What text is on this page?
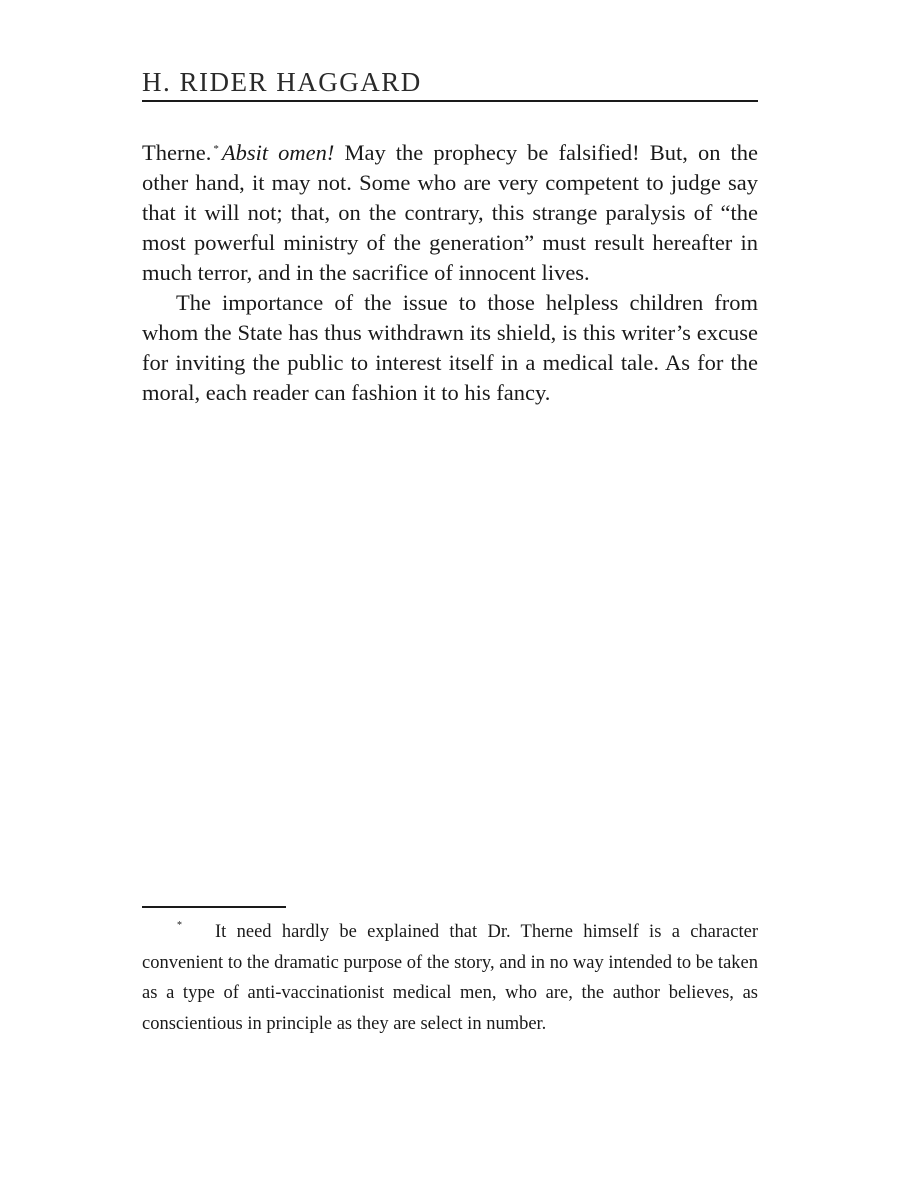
H. RIDER HAGGARD

Therne. * Absit omen! May the prophecy be falsified! But, on the other hand, it may not. Some who are very competent to judge say that it will not; that, on the contrary, this strange paralysis of “the most powerful ministry of the generation” must result hereafter in much terror, and in the sacrifice of innocent lives.

The importance of the issue to those helpless children from whom the State has thus withdrawn its shield, is this writer’s excuse for inviting the public to interest itself in a medical tale. As for the moral, each reader can fashion it to his fancy.

* It need hardly be explained that Dr. Therne himself is a character convenient to the dramatic purpose of the story, and in no way intended to be taken as a type of anti-vaccinationist medical men, who are, the author believes, as conscientious in principle as they are select in number.
